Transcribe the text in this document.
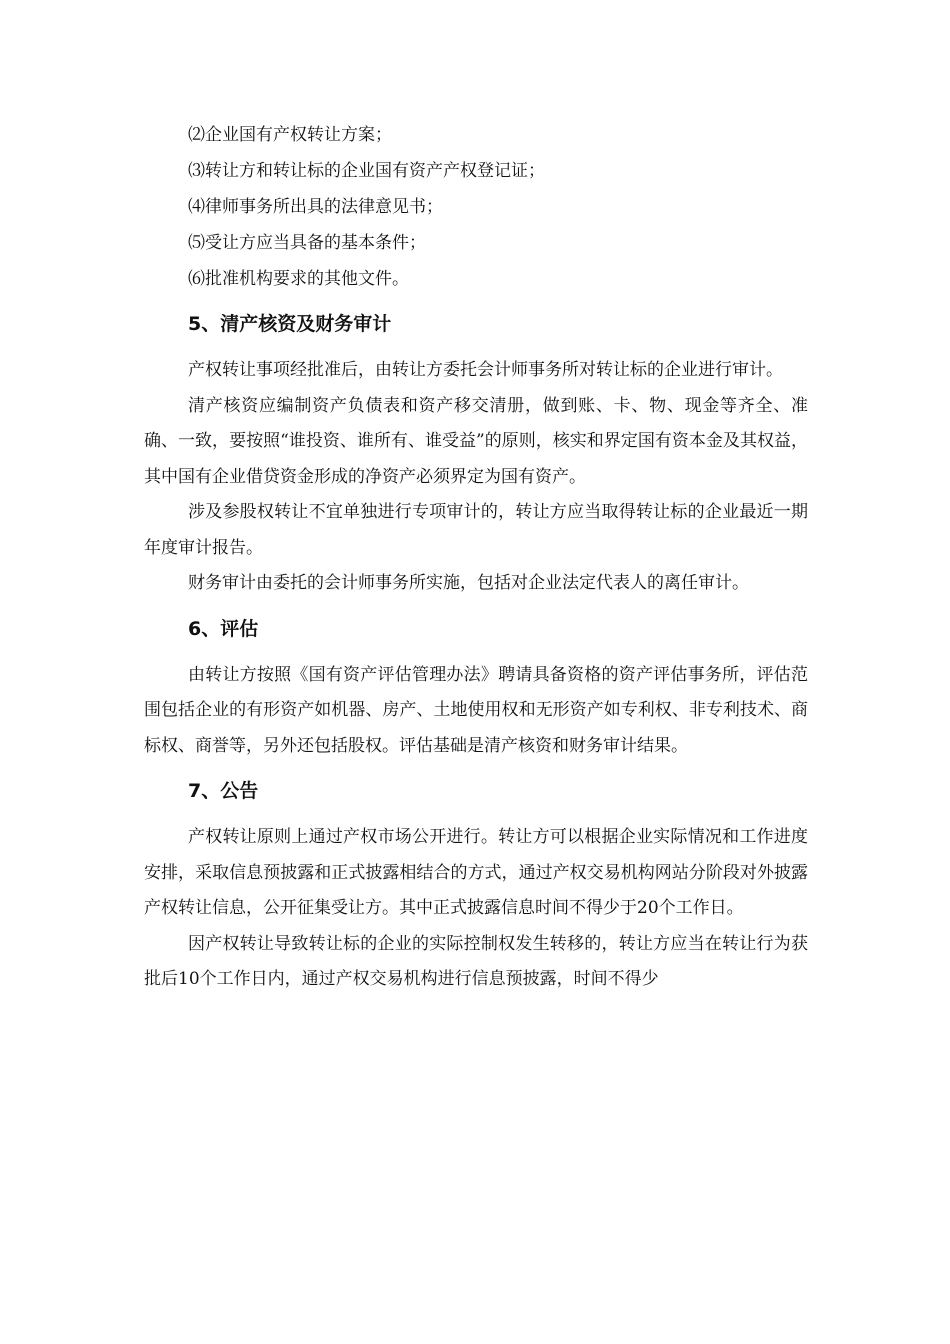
⑵企业国有产权转让方案；
⑶转让方和转让标的企业国有资产产权登记证；
⑷律师事务所出具的法律意见书；
⑸受让方应当具备的基本条件；
⑹批准机构要求的其他文件。
5、清产核资及财务审计

产权转让事项经批准后，由转让方委托会计师事务所对转让标的企业进行审计。

清产核资应编制资产负债表和资产移交清册，做到账、卡、物、现金等齐全、准确、一致，要按照“谁投资、谁所有、谁受益”的原则，核实和界定国有资本金及其权益，其中国有企业借贷资金形成的净资产必须界定为国有资产。

涉及参股权转让不宜单独进行专项审计的，转让方应当取得转让标的企业最近一期年度审计报告。

财务审计由委托的会计师事务所实施，包括对企业法定代表人的离任审计。

6、评估

由转让方按照《国有资产评估管理办法》聘请具备资格的资产评估事务所，评估范围包括企业的有形资产如机器、房产、土地使用权和无形资产如专利权、非专利技术、商标权、商誉等，另外还包括股权。评估基础是清产核资和财务审计结果。

7、公告

产权转让原则上通过产权市场公开进行。转让方可以根据企业实际情况和工作进度安排，采取信息预披露和正式披露相结合的方式，通过产权交易机构网站分阶段对外披露产权转让信息，公开征集受让方。其中正式披露信息时间不得少于20个工作日。

因产权转让导致转让标的企业的实际控制权发生转移的，转让方应当在转让行为获批后10个工作日内，通过产权交易机构进行信息预披露，时间不得少
